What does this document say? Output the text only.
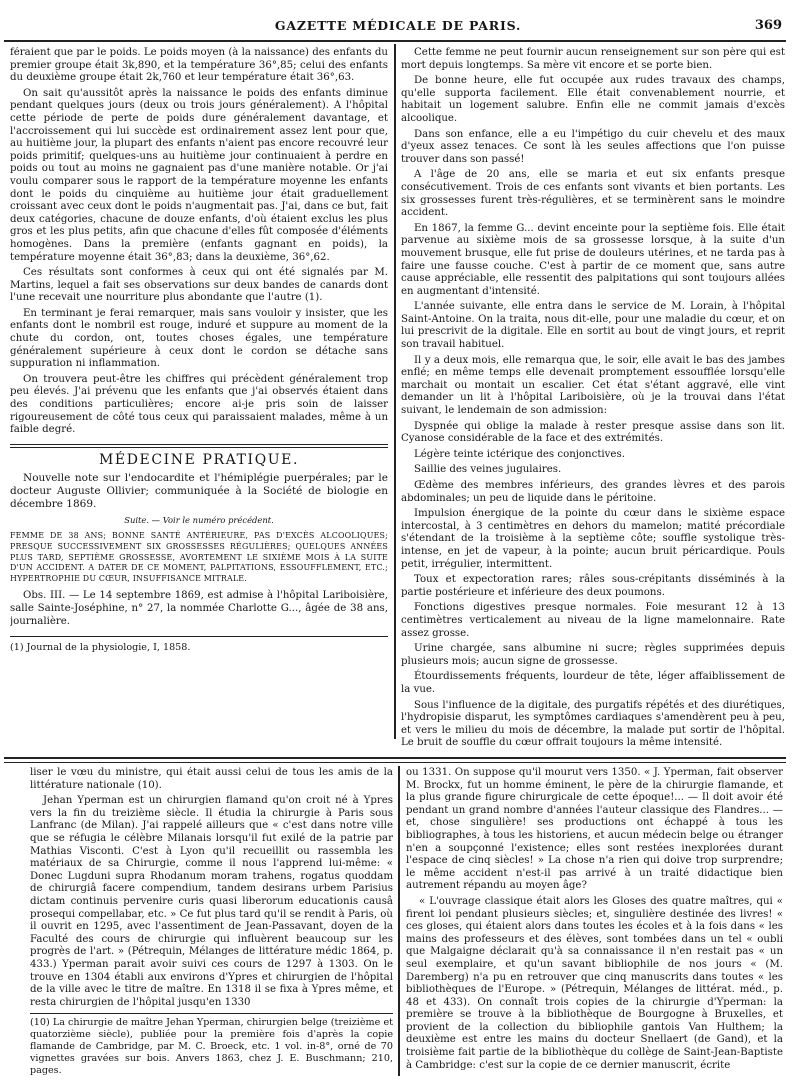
GAZETTE MÉDICALE DE PARIS.	369

féraient que par le poids. Le poids moyen (à la naissance) des enfants du premier groupe était 3k,890, et la température 36°,85; celui des enfants du deuxième groupe était 2k,760 et leur température était 36°,63.

On sait qu'aussitôt après la naissance le poids des enfants diminue pendant quelques jours (deux ou trois jours généralement). A l'hôpital cette période de perte de poids dure généralement davantage, et l'accroissement qui lui succède est ordinairement assez lent pour que, au huitième jour, la plupart des enfants n'aient pas encore recouvré leur poids primitif; quelques-uns au huitième jour continuaient à perdre en poids ou tout au moins ne gagnaient pas d'une manière notable. Or j'ai voulu comparer sous le rapport de la température moyenne les enfants dont le poids du cinquième au huitième jour était graduellement croissant avec ceux dont le poids n'augmentait pas. J'ai, dans ce but, fait deux catégories, chacune de douze enfants, d'où étaient exclus les plus gros et les plus petits, afin que chacune d'elles fût composée d'éléments homogènes. Dans la première (enfants gagnant en poids), la température moyenne était 36°,83; dans la deuxième, 36°,62.

Ces résultats sont conformes à ceux qui ont été signalés par M. Martins, lequel a fait ses observations sur deux bandes de canards dont l'une recevait une nourriture plus abondante que l'autre (1).

En terminant je ferai remarquer, mais sans vouloir y insister, que les enfants dont le nombril est rouge, induré et suppure au moment de la chute du cordon, ont, toutes choses égales, une température généralement supérieure à ceux dont le cordon se détache sans suppuration ni inflammation.

On trouvera peut-être les chiffres qui précèdent généralement trop peu élevés. J'ai prévenu que les enfants que j'ai observés étaient dans des conditions particulières; encore ai-je pris soin de laisser rigoureusement de côté tous ceux qui paraissaient malades, même à un faible degré.

MÉDECINE PRATIQUE.

Nouvelle note sur l'endocardite et l'hémiplégie puerpérales; par le docteur Auguste Ollivier; communiquée à la Société de biologie en décembre 1869.

Suite. — Voir le numéro précédent.
FEMME DE 38 ANS; BONNE SANTÉ ANTÉRIEURE, PAS D'EXCÈS ALCOOLIQUES; PRESQUE SUCCESSIVEMENT SIX GROSSESSES RÉGULIÈRES; QUELQUES ANNÉES PLUS TARD, SEPTIÈME GROSSESSE, AVORTEMENT LE SIXIÈME MOIS À LA SUITE D'UN ACCIDENT. A DATER DE CE MOMENT, PALPITATIONS, ESSOUFFLEMENT, ETC.; HYPERTROPHIE DU CŒUR, INSUFFISANCE MITRALE.

Obs. III. — Le 14 septembre 1869, est admise à l'hôpital Lariboisière, salle Sainte-Joséphine, n° 27, la nommée Charlotte G..., âgée de 38 ans, journalière.

(1) Journal de la physiologie, I, 1858.

Cette femme ne peut fournir aucun renseignement sur son père qui est mort depuis longtemps. Sa mère vit encore et se porte bien.

De bonne heure, elle fut occupée aux rudes travaux des champs, qu'elle supporta facilement. Elle était convenablement nourrie, et habitait un logement salubre. Enfin elle ne commit jamais d'excès alcoolique.

Dans son enfance, elle a eu l'impétigo du cuir chevelu et des maux d'yeux assez tenaces. Ce sont là les seules affections que l'on puisse trouver dans son passé!

A l'âge de 20 ans, elle se maria et eut six enfants presque consécutivement. Trois de ces enfants sont vivants et bien portants. Les six grossesses furent très-régulières, et se terminèrent sans le moindre accident.

En 1867, la femme G... devint enceinte pour la septième fois. Elle était parvenue au sixième mois de sa grossesse lorsque, à la suite d'un mouvement brusque, elle fut prise de douleurs utérines, et ne tarda pas à faire une fausse couche. C'est à partir de ce moment que, sans autre cause appréciable, elle ressentit des palpitations qui sont toujours allées en augmentant d'intensité.

L'année suivante, elle entra dans le service de M. Lorain, à l'hôpital Saint-Antoine. On la traita, nous dit-elle, pour une maladie du cœur, et on lui prescrivit de la digitale. Elle en sortit au bout de vingt jours, et reprit son travail habituel.

Il y a deux mois, elle remarqua que, le soir, elle avait le bas des jambes enflé; en même temps elle devenait promptement essoufflée lorsqu'elle marchait ou montait un escalier. Cet état s'étant aggravé, elle vint demander un lit à l'hôpital Lariboisière, où je la trouvai dans l'état suivant, le lendemain de son admission:

Dyspnée qui oblige la malade à rester presque assise dans son lit. Cyanose considérable de la face et des extrémités.

Légère teinte ictérique des conjonctives.

Saillie des veines jugulaires.

Œdème des membres inférieurs, des grandes lèvres et des parois abdominales; un peu de liquide dans le péritoine.

Impulsion énergique de la pointe du cœur dans le sixième espace intercostal, à 3 centimètres en dehors du mamelon; matité précordiale s'étendant de la troisième à la septième côte; souffle systolique très-intense, en jet de vapeur, à la pointe; aucun bruit péricardique. Pouls petit, irrégulier, intermittent.

Toux et expectoration rares; râles sous-crépitants disséminés à la partie postérieure et inférieure des deux poumons.

Fonctions digestives presque normales. Foie mesurant 12 à 13 centimètres verticalement au niveau de la ligne mamelonnaire. Rate assez grosse.

Urine chargée, sans albumine ni sucre; règles supprimées depuis plusieurs mois; aucun signe de grossesse.

Étourdissements fréquents, lourdeur de tête, léger affaiblissement de la vue.

Sous l'influence de la digitale, des purgatifs répétés et des diurétiques, l'hydropisie disparut, les symptômes cardiaques s'amendèrent peu à peu, et vers le milieu du mois de décembre, la malade put sortir de l'hôpital. Le bruit de souffle du cœur offrait toujours la même intensité.

liser le vœu du ministre, qui était aussi celui de tous les amis de la littérature nationale (10).

Jehan Yperman est un chirurgien flamand qu'on croit né à Ypres vers la fin du treizième siècle. Il étudia la chirurgie à Paris sous Lanfranc (de Milan). J'ai rappelé ailleurs que « c'est dans notre ville que se réfugia le célèbre Milanais lorsqu'il fut exilé de la patrie par Mathias Visconti. C'est à Lyon qu'il recueillit ou rassembla les matériaux de sa Chirurgie, comme il nous l'apprend lui-même: « Donec Lugduni supra Rhodanum moram trahens, rogatus quoddam de chirurgiâ facere compendium, tandem desirans urbem Parisius dictam continuis pervenire curis quasi liberorum educationis causâ prosequi compellabar, etc. » Ce fut plus tard qu'il se rendit à Paris, où il ouvrit en 1295, avec l'assentiment de Jean-Passavant, doyen de la Faculté des cours de chirurgie qui influèrent beaucoup sur les progrès de l'art. » (Pétrequin, Mélanges de littérature médic 1864, p. 433.) Yperman parait avoir suivi ces cours de 1297 à 1303. On le trouve en 1304 établi aux environs d'Ypres et chirurgien de l'hôpital de la ville avec le titre de maître. En 1318 il se fixa à Ypres même, et resta chirurgien de l'hôpital jusqu'en 1330

(10) La chirurgie de maître Jehan Yperman, chirurgien belge (treizième et quatorzième siècle), publiée pour la première fois d'après la copie flamande de Cambridge, par M. C. Broeck, etc. 1 vol. in-8°, orné de 70 vignettes gravées sur bois. Anvers 1863, chez J. E. Buschmann; 210, pages.

ou 1331. On suppose qu'il mourut vers 1350. « J. Yperman, fait observer M. Brockx, fut un homme éminent, le père de la chirurgie flamande, et la plus grande figure chirurgicale de cette époque!... — Il doit avoir été pendant un grand nombre d'années l'auteur classique des Flandres... — et, chose singulière! ses productions ont échappé à tous les bibliographes, à tous les historiens, et aucun médecin belge ou étranger n'en a soupçonné l'existence; elles sont restées inexplorées durant l'espace de cinq siècles! » La chose n'a rien qui doive trop surprendre; le même accident n'est-il pas arrivé à un traité didactique bien autrement répandu au moyen âge?

« L'ouvrage classique était alors les Gloses des quatre maîtres, qui « firent loi pendant plusieurs siècles; et, singulière destinée des livres! « ces gloses, qui étaient alors dans toutes les écoles et à la fois dans « les mains des professeurs et des élèves, sont tombées dans un tel « oubli que Malgaigne déclarait qu'à sa connaissance il n'en restait pas « un seul exemplaire, et qu'un savant bibliophile de nos jours « (M. Daremberg) n'a pu en retrouver que cinq manuscrits dans toutes « les bibliothèques de l'Europe. » (Pétrequin, Mélanges de littérat. méd., p. 48 et 433). On connaît trois copies de la chirurgie d'Yperman: la première se trouve à la bibliothèque de Bourgogne à Bruxelles, et provient de la collection du bibliophile gantois Van Hulthem; la deuxième est entre les mains du docteur Snellaert (de Gand), et la troisième fait partie de la bibliothèque du collège de Saint-Jean-Baptiste à Cambridge: c'est sur la copie de ce dernier manuscrit, écrite
